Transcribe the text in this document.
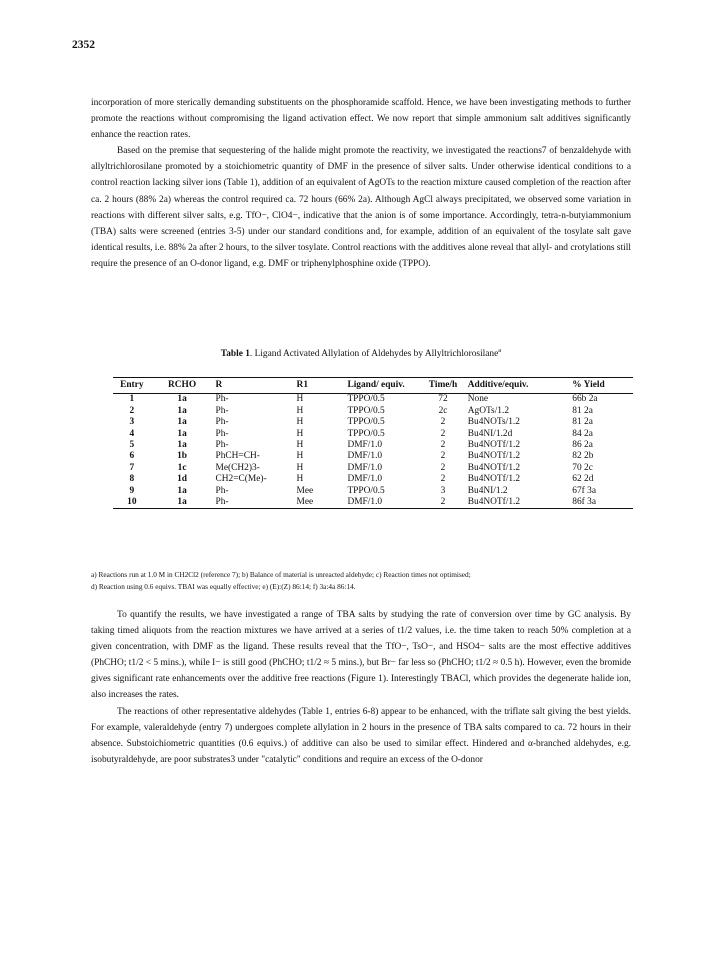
2352

incorporation of more sterically demanding substituents on the phosphoramide scaffold. Hence, we have been investigating methods to further promote the reactions without compromising the ligand activation effect. We now report that simple ammonium salt additives significantly enhance the reaction rates.

Based on the premise that sequestering of the halide might promote the reactivity, we investigated the reactions7 of benzaldehyde with allyltrichlorosilane promoted by a stoichiometric quantity of DMF in the presence of silver salts. Under otherwise identical conditions to a control reaction lacking silver ions (Table 1), addition of an equivalent of AgOTs to the reaction mixture caused completion of the reaction after ca. 2 hours (88% 2a) whereas the control required ca. 72 hours (66% 2a). Although AgCl always precipitated, we observed some variation in reactions with different silver salts, e.g. TfO−, ClO4−, indicative that the anion is of some importance. Accordingly, tetra-n-butyiammonium (TBA) salts were screened (entries 3-5) under our standard conditions and, for example, addition of an equivalent of the tosylate salt gave identical results, i.e. 88% 2a after 2 hours, to the silver tosylate. Control reactions with the additives alone reveal that allyl- and crotylations still require the presence of an O-donor ligand, e.g. DMF or triphenylphosphine oxide (TPPO).

Table 1. Ligand Activated Allylation of Aldehydes by Allyltrichlorosilane$^a$
Entry	RCHO	R	R1	Ligand/ equiv.	Time/h	Additive/equiv.	% Yield
1	1a	Ph-	H	TPPO/0.5	72	None	66b 2a
2	1a	Ph-	H	TPPO/0.5	2c	AgOTs/1.2	81 2a
3	1a	Ph-	H	TPPO/0.5	2	Bu4NOTs/1.2	81 2a
4	1a	Ph-	H	TPPO/0.5	2	Bu4NI/1.2d	84 2a
5	1a	Ph-	H	DMF/1.0	2	Bu4NOTf/1.2	86 2a
6	1b	PhCH=CH-	H	DMF/1.0	2	Bu4NOTf/1.2	82 2b
7	1c	Me(CH2)3-	H	DMF/1.0	2	Bu4NOTf/1.2	70 2c
8	1d	CH2=C(Me)-	H	DMF/1.0	2	Bu4NOTf/1.2	62 2d
9	1a	Ph-	Mee	TPPO/0.5	3	Bu4NI/1.2	67f 3a
10	1a	Ph-	Mee	DMF/1.0	2	Bu4NOTf/1.2	86f 3a

a) Reactions run at 1.0 M in CH2Cl2 (reference 7); b) Balance of material is unreacted aldehyde; c) Reaction times not optimised;

d) Reaction using 0.6 equivs. TBAI was equally effective; e) (E):(Z) 86:14; f) 3a:4a 86:14.

To quantify the results, we have investigated a range of TBA salts by studying the rate of conversion over time by GC analysis. By taking timed aliquots from the reaction mixtures we have arrived at a series of t1/2 values, i.e. the time taken to reach 50% completion at a given concentration, with DMF as the ligand. These results reveal that the TfO−, TsO−, and HSO4− salts are the most effective additives (PhCHO; t1/2 < 5 mins.), while I− is still good (PhCHO; t1/2 ≈ 5 mins.), but Br− far less so (PhCHO; t1/2 ≈ 0.5 h). However, even the bromide gives significant rate enhancements over the additive free reactions (Figure 1). Interestingly TBACl, which provides the degenerate halide ion, also increases the rates.

The reactions of other representative aldehydes (Table 1, entries 6-8) appear to be enhanced, with the triflate salt giving the best yields. For example, valeraldehyde (entry 7) undergoes complete allylation in 2 hours in the presence of TBA salts compared to ca. 72 hours in their absence. Substoichiometric quantities (0.6 equivs.) of additive can also be used to similar effect. Hindered and α-branched aldehydes, e.g. isobutyraldehyde, are poor substrates3 under "catalytic" conditions and require an excess of the O-donor
